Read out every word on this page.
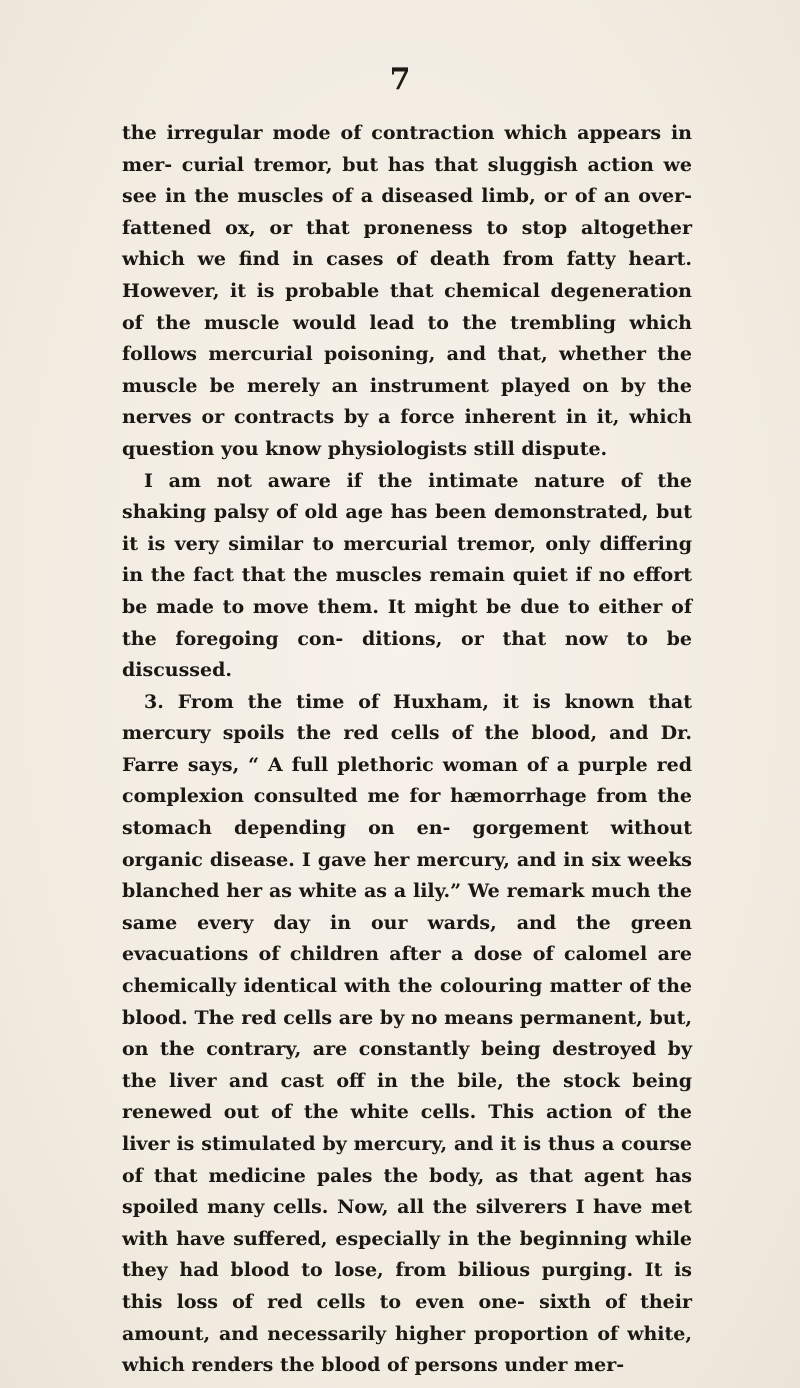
7

the irregular mode of contraction which appears in mer- curial tremor, but has that sluggish action we see in the muscles of a diseased limb, or of an over-fattened ox, or that proneness to stop altogether which we find in cases of death from fatty heart. However, it is probable that chemical degeneration of the muscle would lead to the trembling which follows mercurial poisoning, and that, whether the muscle be merely an instrument played on by the nerves or contracts by a force inherent in it, which question you know physiologists still dispute.

I am not aware if the intimate nature of the shaking palsy of old age has been demonstrated, but it is very similar to mercurial tremor, only differing in the fact that the muscles remain quiet if no effort be made to move them. It might be due to either of the foregoing con- ditions, or that now to be discussed.

3. From the time of Huxham, it is known that mercury spoils the red cells of the blood, and Dr. Farre says, “ A full plethoric woman of a purple red complexion consulted me for hæmorrhage from the stomach depending on en- gorgement without organic disease. I gave her mercury, and in six weeks blanched her as white as a lily.” We remark much the same every day in our wards, and the green evacuations of children after a dose of calomel are chemically identical with the colouring matter of the blood. The red cells are by no means permanent, but, on the contrary, are constantly being destroyed by the liver and cast off in the bile, the stock being renewed out of the white cells. This action of the liver is stimulated by mercury, and it is thus a course of that medicine pales the body, as that agent has spoiled many cells. Now, all the silverers I have met with have suffered, especially in the beginning while they had blood to lose, from bilious purging. It is this loss of red cells to even one- sixth of their amount, and necessarily higher proportion of white, which renders the blood of persons under mer-
